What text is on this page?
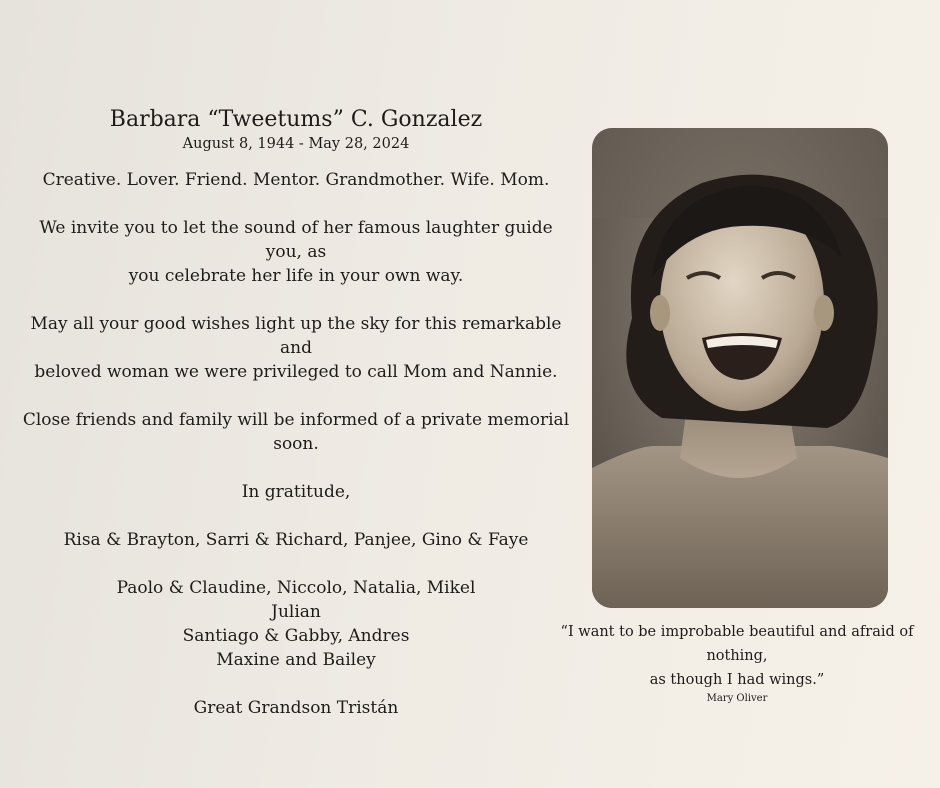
Barbara “Tweetums” C. Gonzalez
August 8, 1944 - May 28, 2024

Creative. Lover. Friend. Mentor. Grandmother. Wife. Mom.

We invite you to let the sound of her famous laughter guide you, as
you celebrate her life in your own way.

May all your good wishes light up the sky for this remarkable and
beloved woman we were privileged to call Mom and Nannie.

Close friends and family will be informed of a private memorial soon.

In gratitude,

Risa & Brayton, Sarri & Richard, Panjee, Gino & Faye

Paolo & Claudine, Niccolo, Natalia, Mikel
Julian
Santiago & Gabby, Andres
Maxine and Bailey

Great Grandson Tristán

“I want to be improbable beautiful and afraid of nothing,
as though I had wings.”
Mary Oliver
